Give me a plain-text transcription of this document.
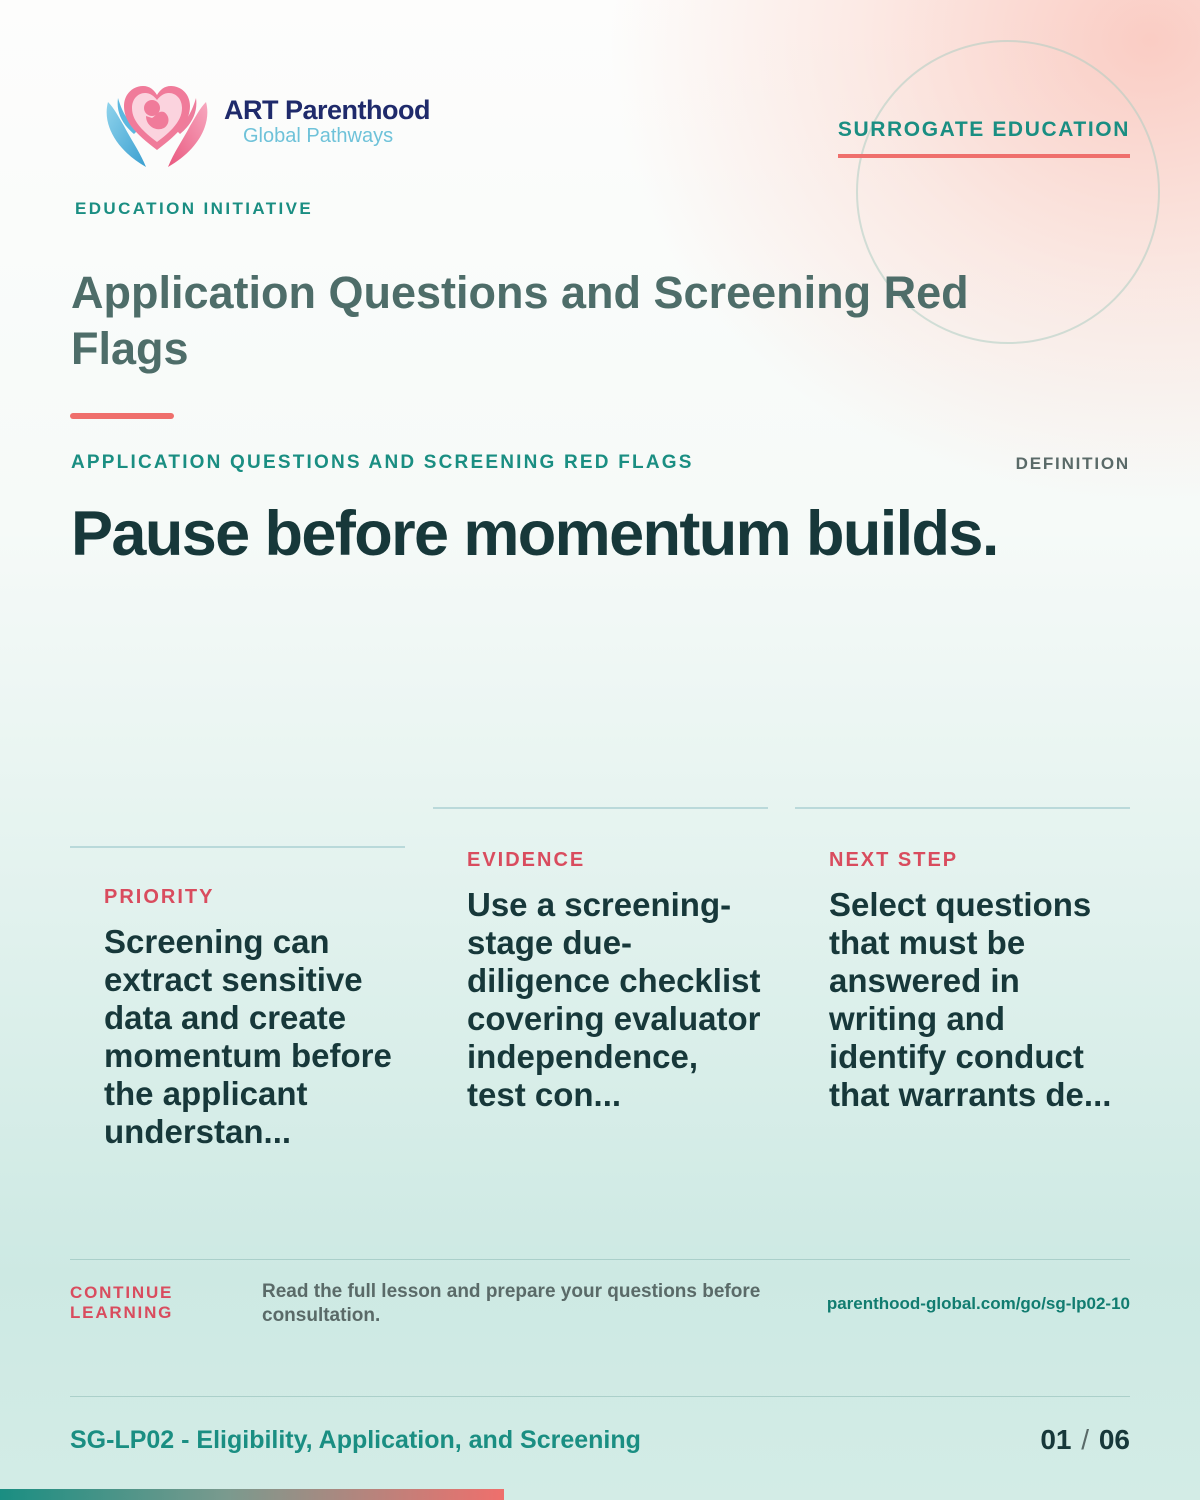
ART Parenthood
Global Pathways
EDUCATION INITIATIVE
SURROGATE EDUCATION
Application Questions and Screening Red Flags
APPLICATION QUESTIONS AND SCREENING RED FLAGS	DEFINITION
Pause before momentum builds.
PRIORITY
Screening can extract sensitive data and create momentum before the applicant understan...
EVIDENCE
Use a screening-stage due-diligence checklist covering evaluator independence, test con...
NEXT STEP
Select questions that must be answered in writing and identify conduct that warrants de...
CONTINUE LEARNING
Read the full lesson and prepare your questions before consultation.
parenthood-global.com/go/sg-lp02-10
SG-LP02 - Eligibility, Application, and Screening	01 / 06
